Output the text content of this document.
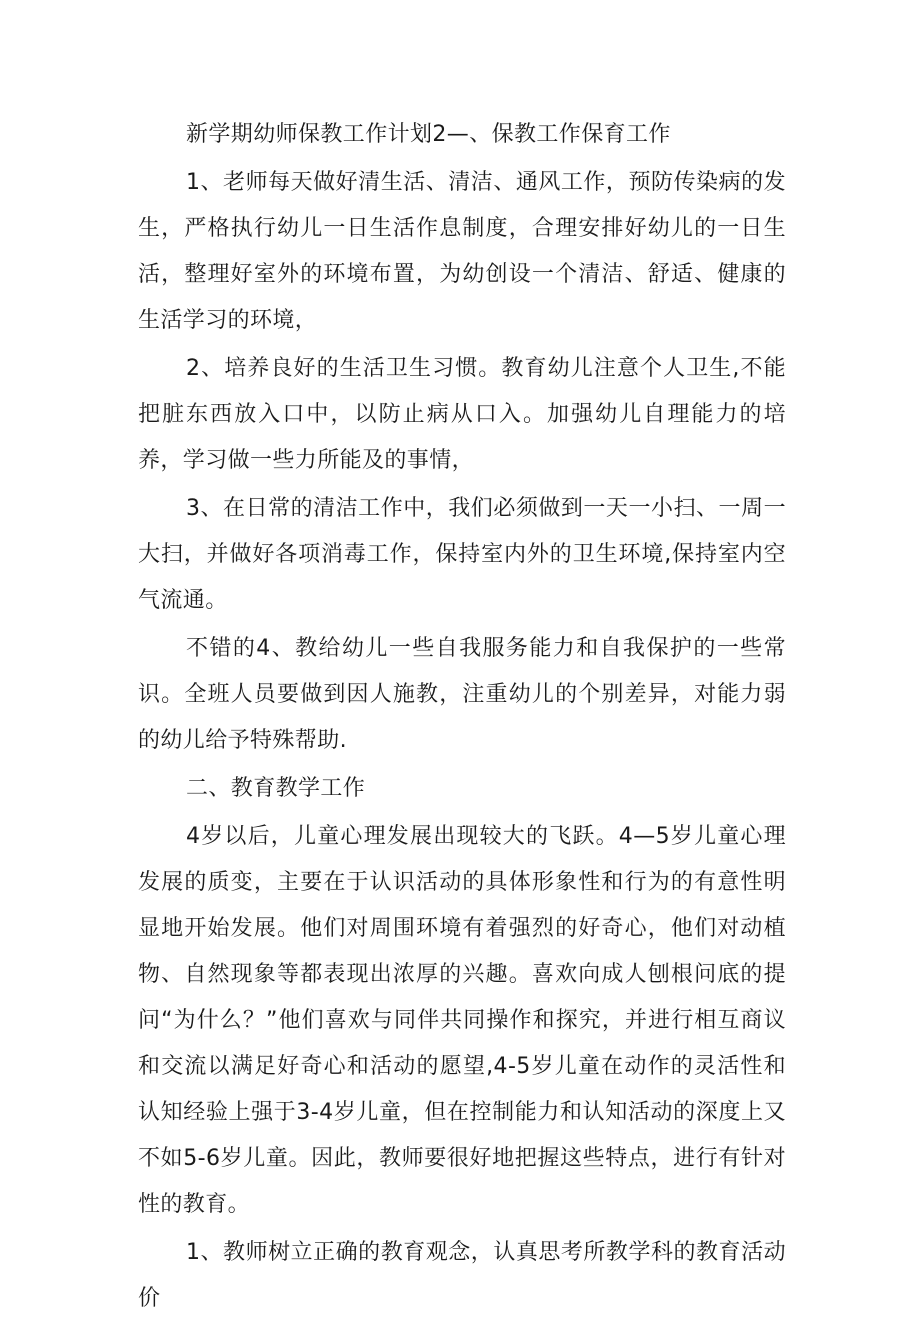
新学期幼师保教工作计划2—、保教工作保育工作

1、老师每天做好清生活、清洁、通风工作，预防传染病的发生，严格执行幼儿一日生活作息制度，合理安排好幼儿的一日生活，整理好室外的环境布置，为幼创设一个清洁、舒适、健康的生活学习的环境，

2、培养良好的生活卫生习惯。教育幼儿注意个人卫生,不能把脏东西放入口中，以防止病从口入。加强幼儿自理能力的培养，学习做一些力所能及的事情，

3、在日常的清洁工作中，我们必须做到一天一小扫、一周一大扫，并做好各项消毒工作，保持室内外的卫生环境,保持室内空气流通。

不错的4、教给幼儿一些自我服务能力和自我保护的一些常识。全班人员要做到因人施教，注重幼儿的个别差异，对能力弱的幼儿给予特殊帮助.

二、教育教学工作

4岁以后，儿童心理发展出现较大的飞跃。4—5岁儿童心理发展的质变，主要在于认识活动的具体形象性和行为的有意性明显地开始发展。他们对周围环境有着强烈的好奇心，他们对动植物、自然现象等都表现出浓厚的兴趣。喜欢向成人刨根问底的提问“为什么？”他们喜欢与同伴共同操作和探究，并进行相互商议和交流以满足好奇心和活动的愿望,4-5岁儿童在动作的灵活性和认知经验上强于3-4岁儿童，但在控制能力和认知活动的深度上又不如5-6岁儿童。因此，教师要很好地把握这些特点，进行有针对性的教育。

1、教师树立正确的教育观念，认真思考所教学科的教育活动价
